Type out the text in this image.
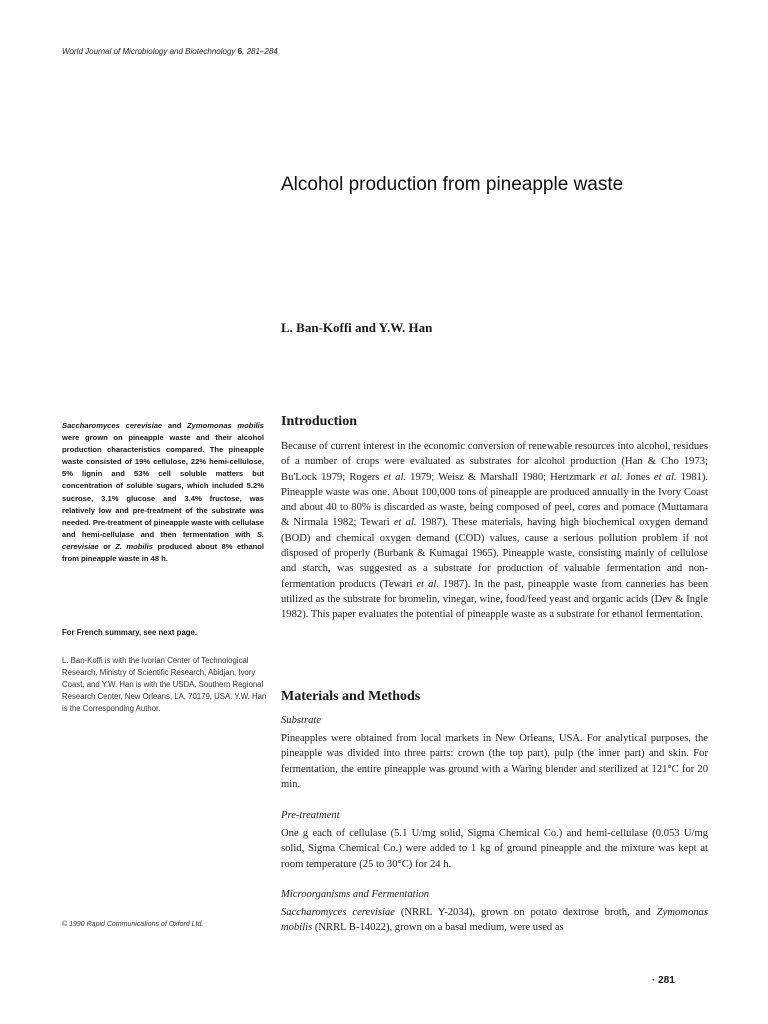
World Journal of Microbiology and Biotechnology 6, 281–284
Alcohol production from pineapple waste
L. Ban-Koffi and Y.W. Han

Saccharomyces cerevisiae and Zymomonas mobilis were grown on pineapple waste and their alcohol production characteristics compared. The pineapple waste consisted of 19% cellulose, 22% hemi-cellulose, 5% lignin and 53% cell soluble matters but concentration of soluble sugars, which included 5.2% sucrose, 3.1% glucose and 3.4% fructose, was relatively low and pre-treatment of the substrate was needed. Pre-treatment of pineapple waste with cellulase and hemi-cellulase and then fermentation with S. cerevisiae or Z. mobilis produced about 8% ethanol from pineapple waste in 48 h.

For French summary, see next page.
L. Ban-Koffi is with the Ivorian Center of Technological Research, Ministry of Scientific Research, Abidjan, Ivory Coast, and Y.W. Han is with the USDA, Southern Regional Research Center, New Orleans, LA, 70179, USA. Y.W. Han is the Corresponding Author.
© 1990 Rapid Communications of Oxford Ltd.
Introduction

Because of current interest in the economic conversion of renewable resources into alcohol, residues of a number of crops were evaluated as substrates for alcohol production (Han & Cho 1973; Bu'Lock 1979; Rogers et al. 1979; Weisz & Marshall 1980; Hertzmark et al. Jones et al. 1981). Pineapple waste was one. About 100,000 tons of pineapple are produced annually in the Ivory Coast and about 40 to 80% is discarded as waste, being composed of peel, cores and pomace (Muttamara & Nirmala 1982; Tewari et al. 1987). These materials, having high biochemical oxygen demand (BOD) and chemical oxygen demand (COD) values, cause a serious pollution problem if not disposed of properly (Burbank & Kumagai 1965). Pineapple waste, consisting mainly of cellulose and starch, was suggested as a substrate for production of valuable fermentation and non-fermentation products (Tewari et al. 1987). In the past, pineapple waste from canneries has been utilized as the substrate for bromelin, vinegar, wine, food/feed yeast and organic acids (Dev & Ingle 1982). This paper evaluates the potential of pineapple waste as a substrate for ethanol fermentation.

Materials and Methods
Substrate
Pineapples were obtained from local markets in New Orleans, USA. For analytical purposes, the pineapple was divided into three parts: crown (the top part), pulp (the inner part) and skin. For fermentation, the entire pineapple was ground with a Waring blender and sterilized at 121°C for 20 min.
Pre-treatment
One g each of cellulase (5.1 U/mg solid, Sigma Chemical Co.) and hemi-cellulase (0.053 U/mg solid, Sigma Chemical Co.) were added to 1 kg of ground pineapple and the mixture was kept at room temperature (25 to 30°C) for 24 h.
Microorganisms and Fermentation

Saccharomyces cerevisiae (NRRL Y-2034), grown on potato dextrose broth, and Zymomonas mobilis (NRRL B-14022), grown on a basal medium, were used as

· 281
